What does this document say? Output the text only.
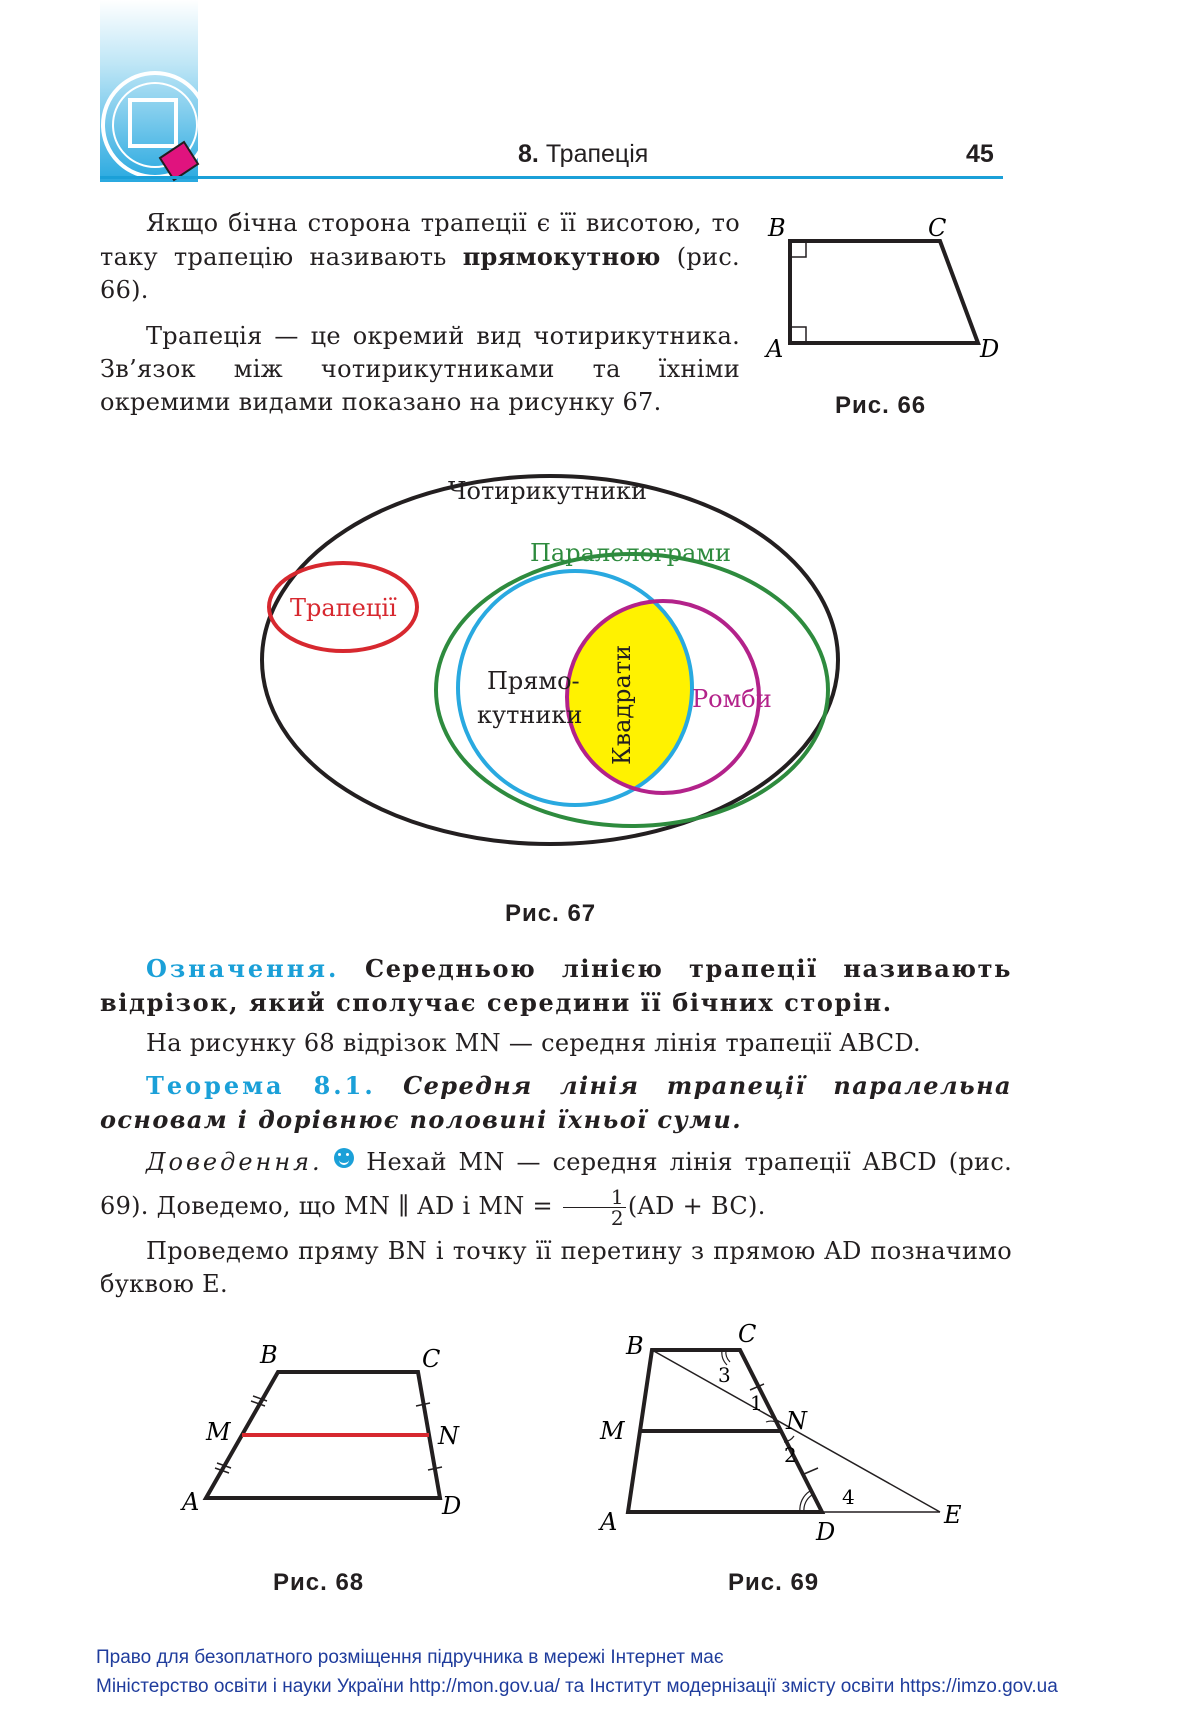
8. Трапеція	45
Якщо бічна сторона трапеції є її висотою, то таку трапецію називають прямокутною (рис. 66).
Трапеція — це окремий вид чотирикутника. Зв’язок між чотирикутниками та їхніми окремими видами показано на рисунку 67.
B	C
A	D
Рис. 66
Чотирикутники
Паралелограми
Трапеції
Прямо-
кутники
Ромби
Квадрати
Рис. 67
Означення. Середньою лінією трапеції називають відрізок, який сполучає середини її бічних сторін.
На рисунку 68 відрізок MN — середня лінія трапеції ABCD.
Теорема 8.1. Середня лінія трапеції паралельна основам і дорівнює половині їхньої суми.
Доведення.
Нехай MN — середня лінія трапеції ABCD (рис. 69). Доведемо, що MN ∥ AD і MN = $\frac{1}{2} (AD + BC)$.
Проведемо пряму BN і точку її перетину з прямою AD позначимо буквою E.
B	C
M	N
A	D
Рис. 68
B	C
M	N
A	D
E
3
1
2
4
Рис. 69
Право для безоплатного розміщення підручника в мережі Інтернет має
Міністерство освіти і науки України http://mon.gov.ua/ та Інститут модернізації змісту освіти https://imzo.gov.ua
